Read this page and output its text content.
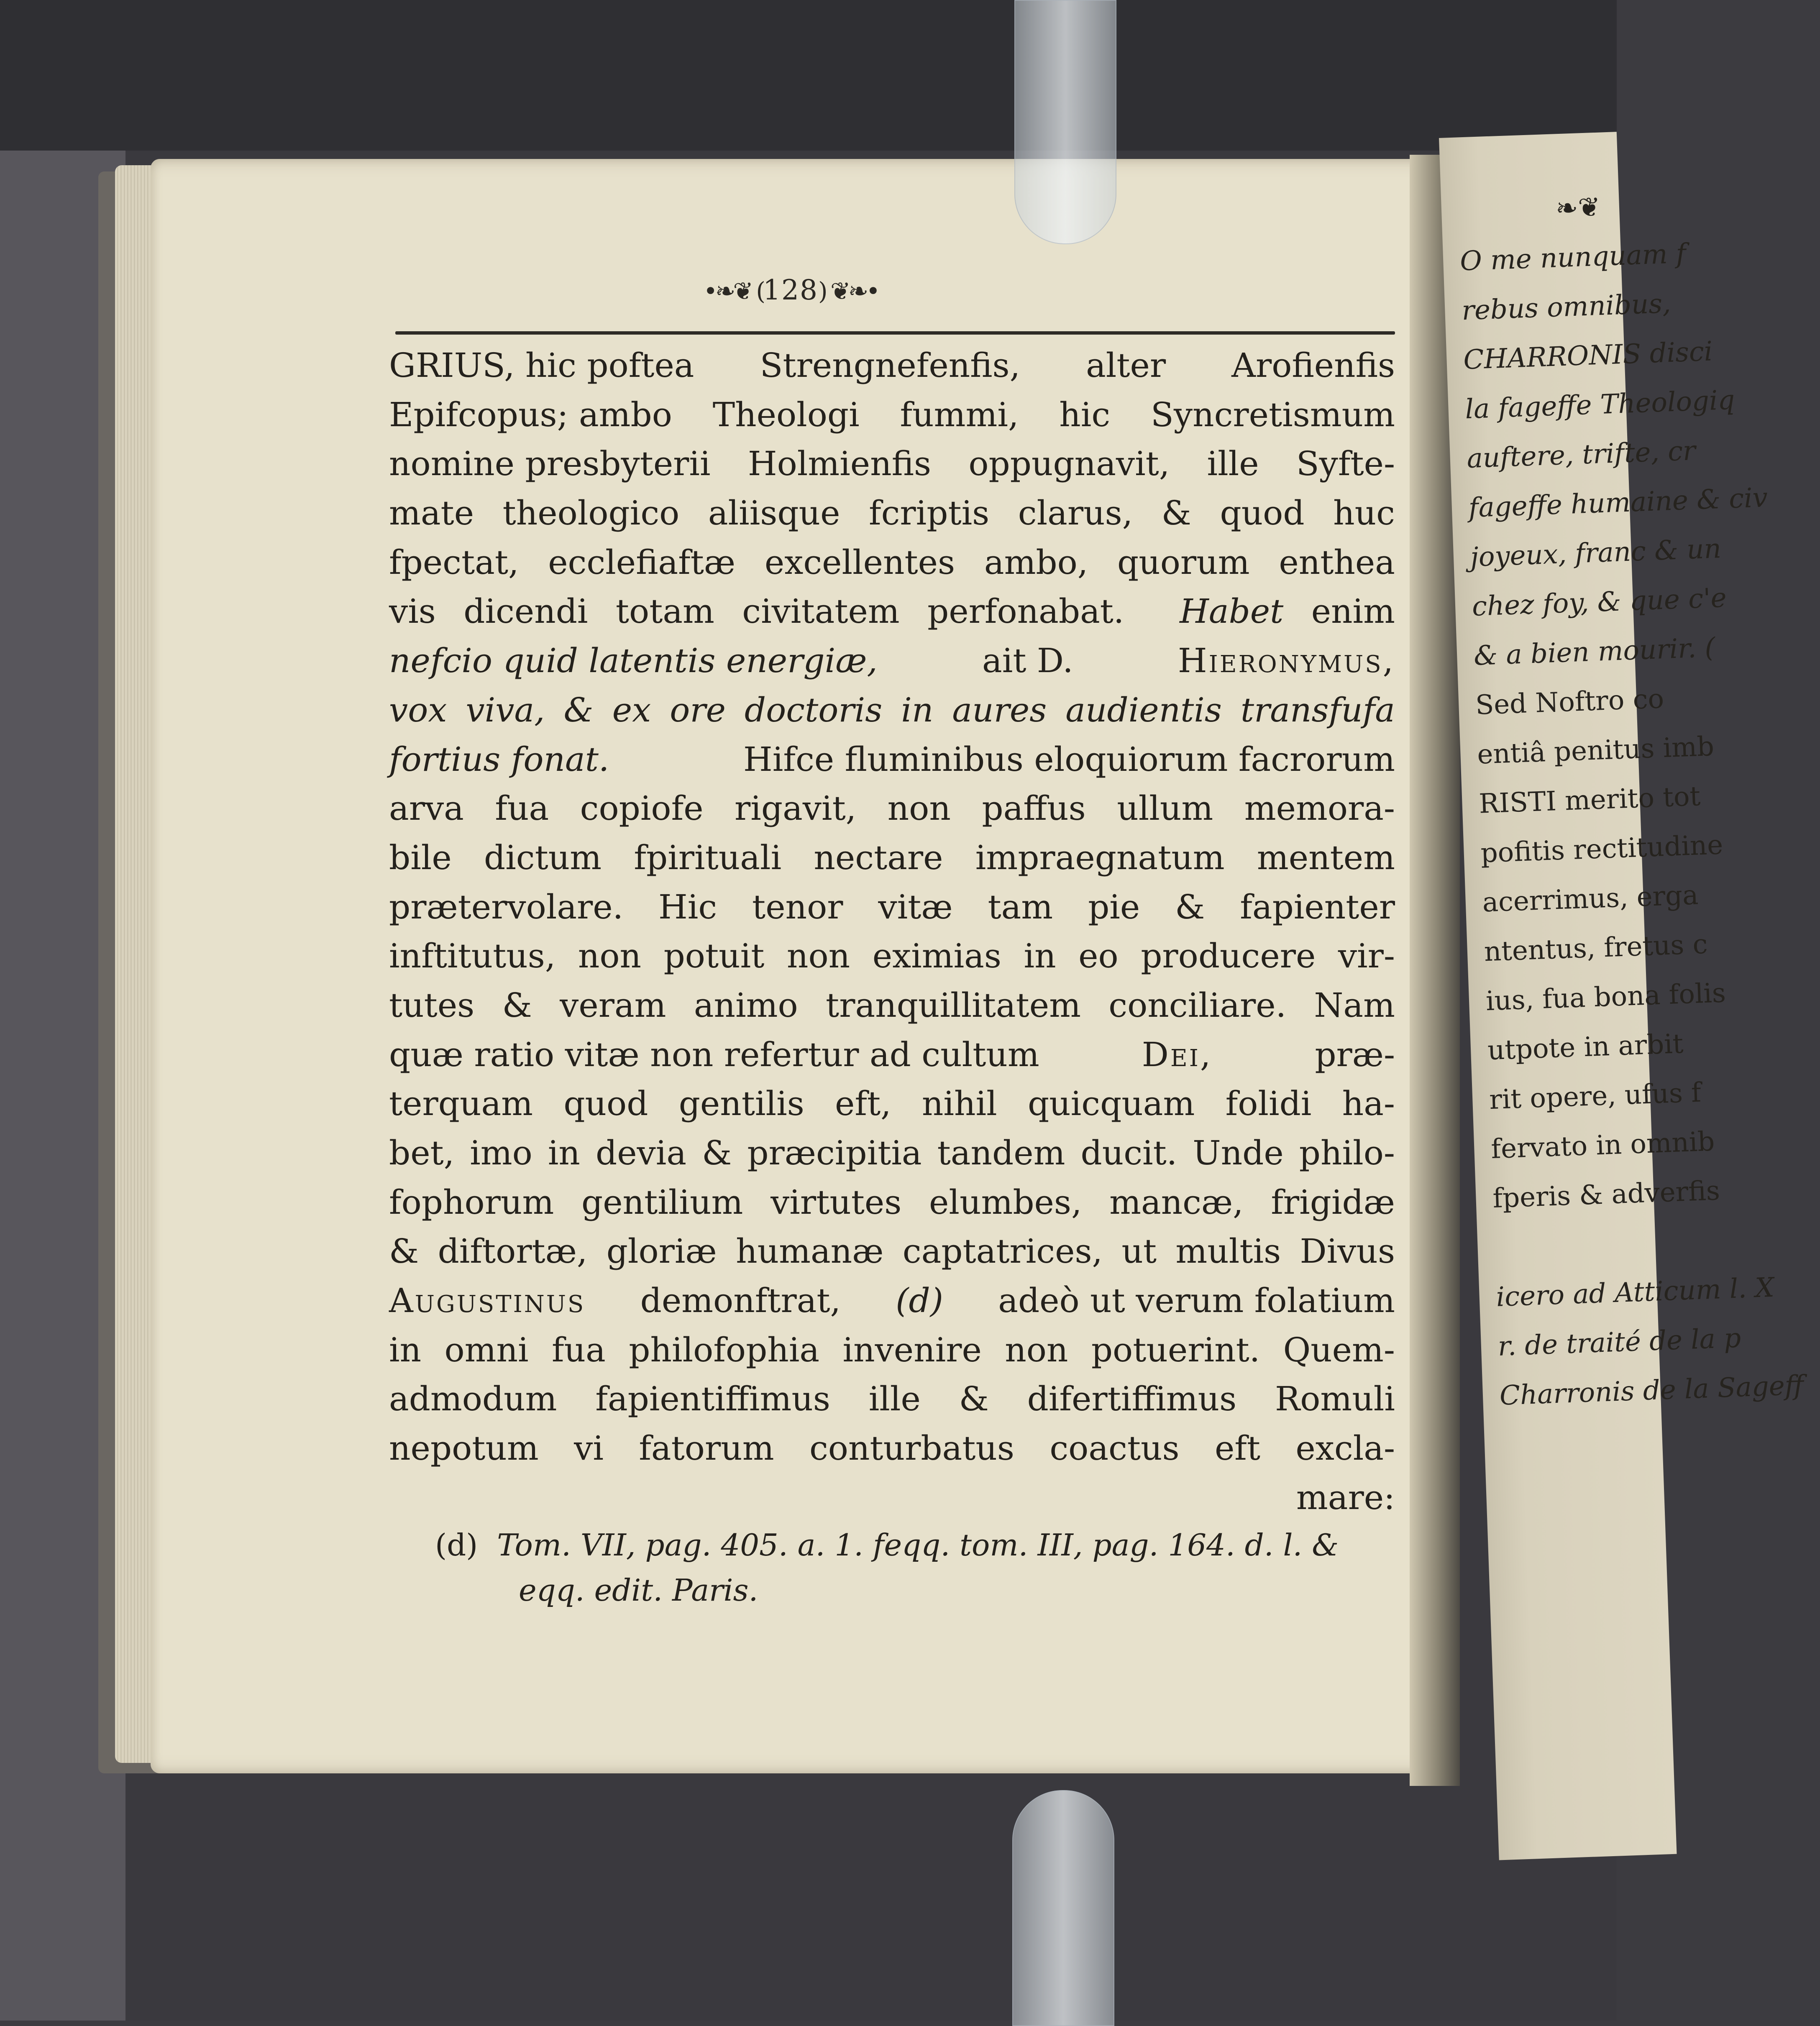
❧❦
O me nunquam f
rebus omnibus,
CHARRONIS disci
la fageffe Theologiq
auftere, trifte, cr
fageffe humaine & civ
joyeux, franc & un
chez foy, & que c'e
& a bien mourir. (
Sed Noftro co
entiâ penitus imb
RISTI merito tot
pofitis rectitudine
acerrimus, erga
ntentus, fretus c
ius, fua bona folis
utpote in arbit
rit opere, ufus f
fervato in omnib
fperis & adverfis
icero ad Atticum l. X
r. de traité de la p
Charronis de la Sageff
•❧❦ (128) ❦❧•
GRIUS, hic poftea Strengnefenfis, alter Arofienfis
Epifcopus; ambo Theologi fummi, hic Syncretismum
nomine presbyterii Holmienfis oppugnavit, ille Syfte-
mate theologico aliisque fcriptis clarus, & quod huc
fpectat, ecclefiaftæ excellentes ambo, quorum enthea
vis dicendi totam civitatem perfonabat. Habet enim
nefcio quid latentis energiæ,	ait D.	Hieronymus,
vox viva, & ex ore doctoris in aures audientis transfufa
fortius fonat.	Hifce fluminibus eloquiorum facrorum
arva fua copiofe rigavit, non paffus ullum memora-
bile dictum fpirituali nectare impraegnatum mentem
prætervolare. Hic tenor vitæ tam pie & fapienter
inftitutus, non potuit non eximias in eo producere vir-
tutes & veram animo tranquillitatem conciliare. Nam
quæ ratio vitæ non refertur ad cultum	Dei,	præ-
terquam quod gentilis eft, nihil quicquam folidi ha-
bet, imo in devia & præcipitia tandem ducit. Unde philo-
fophorum gentilium virtutes elumbes, mancæ, frigidæ
& diftortæ, gloriæ humanæ captatrices, ut multis Divus
Augustinus demonftrat, (d) adeò ut verum folatium
in omni fua philofophia invenire non potuerint. Quem-
admodum fapientiffimus ille & difertiffimus Romuli
nepotum vi fatorum conturbatus coactus eft excla-
mare:
(d) Tom. VII, pag. 405. a. 1. feqq. tom. III, pag. 164. d. l. &
eqq. edit. Paris.
